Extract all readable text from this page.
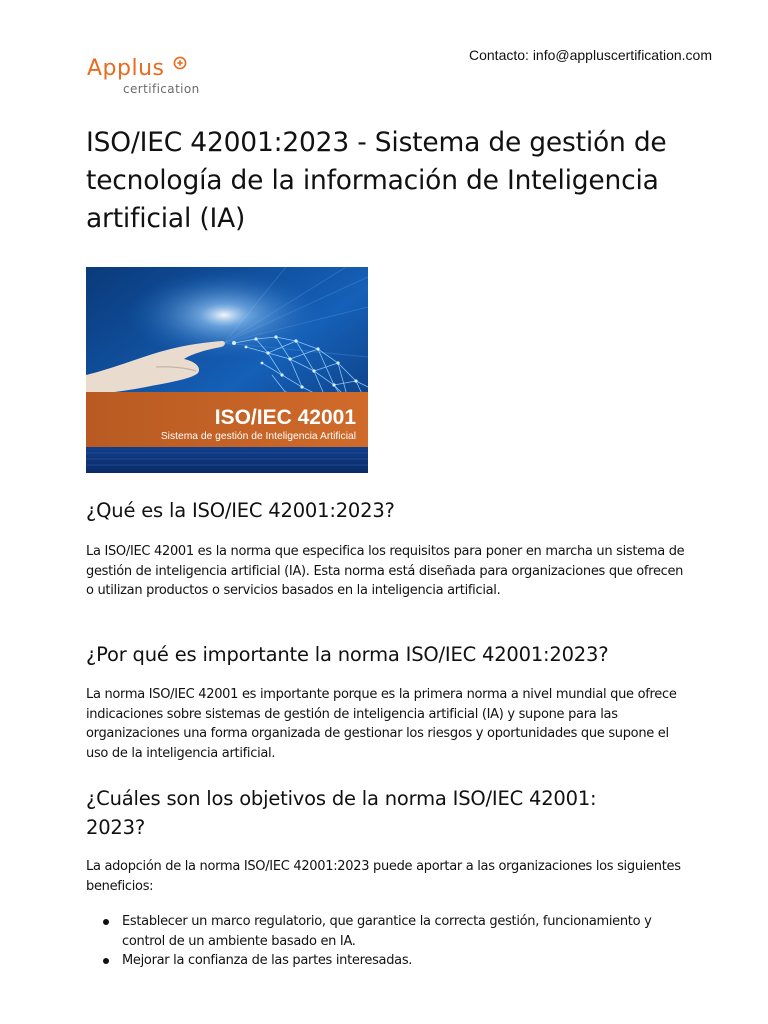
Applus
certification
Contacto: info@appluscertification.com
ISO/IEC 42001:2023 - Sistema de gestión de tecnología de la información de Inteligencia artificial (IA)
ISO/IEC 42001
Sistema de gestión de Inteligencia Artificial
¿Qué es la ISO/IEC 42001:2023?

La ISO/IEC 42001 es la norma que especifica los requisitos para poner en marcha un sistema de gestión de inteligencia artificial (IA). Esta norma está diseñada para organizaciones que ofrecen o utilizan productos o servicios basados en la inteligencia artificial.

¿Por qué es importante la norma ISO/IEC 42001:2023?

La norma ISO/IEC 42001 es importante porque es la primera norma a nivel mundial que ofrece indicaciones sobre sistemas de gestión de inteligencia artificial (IA) y supone para las organizaciones una forma organizada de gestionar los riesgos y oportunidades que supone el uso de la inteligencia artificial.

¿Cuáles son los objetivos de la norma ISO/IEC 42001: 2023?

La adopción de la norma ISO/IEC 42001:2023 puede aportar a las organizaciones los siguientes beneficios:

Establecer un marco regulatorio, que garantice la correcta gestión, funcionamiento y control de un ambiente basado en IA.
Mejorar la confianza de las partes interesadas.
